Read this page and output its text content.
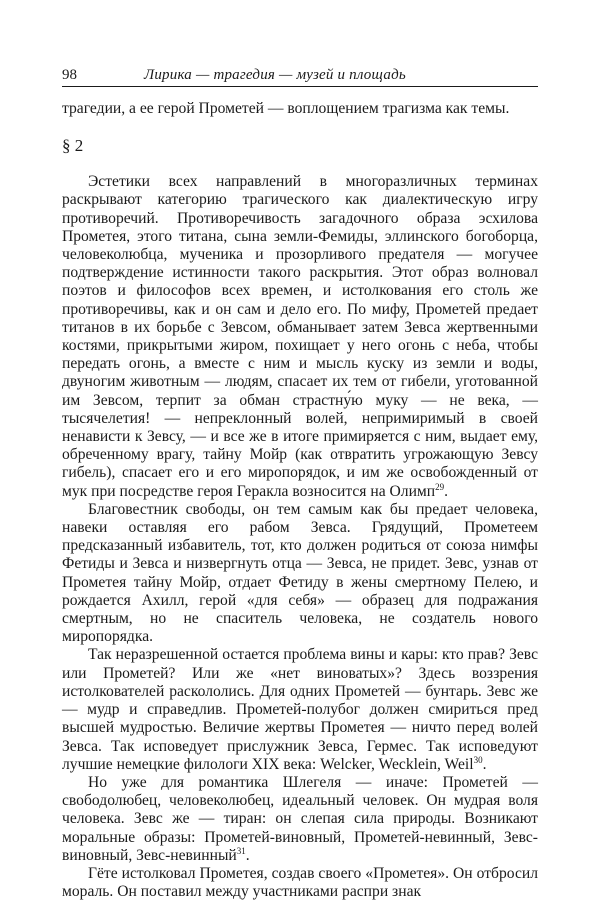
98	Лирика — трагедия — музей и площадь

трагедии, а ее герой Прометей — воплощением трагизма как темы.

§ 2

Эстетики всех направлений в многоразличных терминах раскрывают категорию трагического как диалектическую игру противоречий. Противоречивость загадочного образа эсхилова Прометея, этого титана, сына земли-Фемиды, эллинского богоборца, человеколюбца, мученика и прозорливого предателя — могучее подтверждение истинности такого раскрытия. Этот образ волновал поэтов и философов всех времен, и истолкования его столь же противоречивы, как и он сам и дело его. По мифу, Прометей предает титанов в их борьбе с Зевсом, обманывает затем Зевса жертвенными костями, прикрытыми жиром, похищает у него огонь с неба, чтобы передать огонь, а вместе с ним и мысль куску из земли и воды, двуногим животным — людям, спасает их тем от гибели, уготованной им Зевсом, терпит за обман страстну́ю муку — не века, — тысячелетия! — непреклонный волей, непримиримый в своей ненависти к Зевсу, — и все же в итоге примиряется с ним, выдает ему, обреченному врагу, тайну Мойр (как отвратить угрожающую Зевсу гибель), спасает его и его миропорядок, и им же освобожденный от мук при посредстве героя Геракла возносится на Олимп$^{29}$.

Благовестник свободы, он тем самым как бы предает человека, навеки оставляя его рабом Зевса. Грядущий, Прометеем предсказанный избавитель, тот, кто должен родиться от союза нимфы Фетиды и Зевса и низвергнуть отца — Зевса, не придет. Зевс, узнав от Прометея тайну Мойр, отдает Фетиду в жены смертному Пелею, и рождается Ахилл, герой «для себя» — образец для подражания смертным, но не спаситель человека, не создатель нового миропорядка.

Так неразрешенной остается проблема вины и кары: кто прав? Зевс или Прометей? Или же «нет виноватых»? Здесь воззрения истолкователей раскололись. Для одних Прометей — бунтарь. Зевс же — мудр и справедлив. Прометей-полубог должен смириться пред высшей мудростью. Величие жертвы Прометея — ничто перед волей Зевса. Так исповедует прислужник Зевса, Гермес. Так исповедуют лучшие немецкие филологи XIX века: Welcker, Wecklein, Weil$^{30}$.

Но уже для романтика Шлегеля — иначе: Прометей — свободолюбец, человеколюбец, идеальный человек. Он мудрая воля человека. Зевс же — тиран: он слепая сила природы. Возникают моральные образы: Прометей-виновный, Прометей-невинный, Зевс-виновный, Зевс-невинный$^{31}$.

Гёте истолковал Прометея, создав своего «Прометея». Он отбросил мораль. Он поставил между участниками распри знак
